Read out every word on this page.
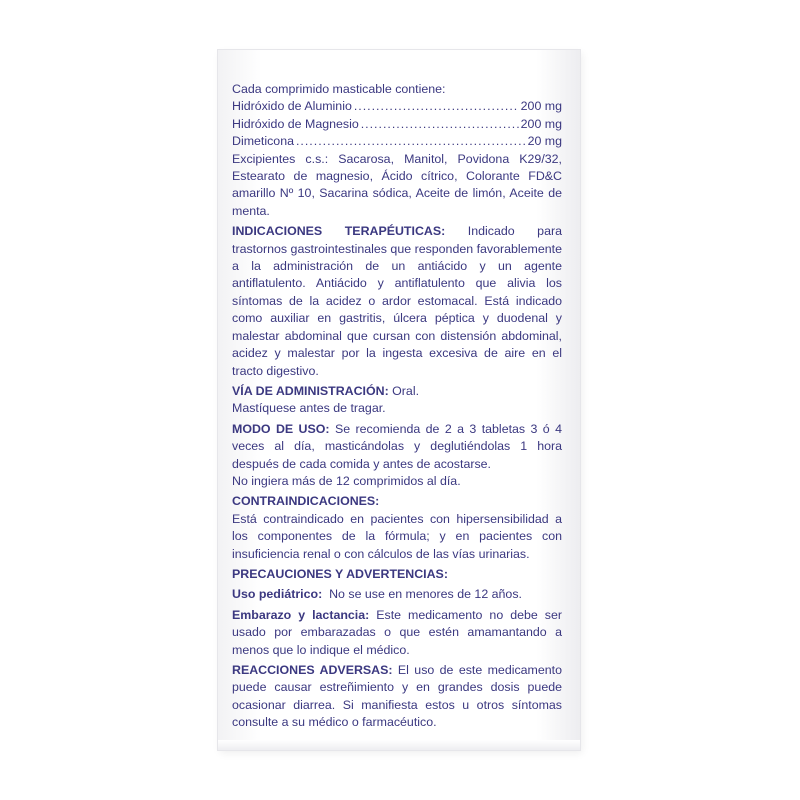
Cada comprimido masticable contiene:

Hidróxido de Aluminio .....	200 mg
Hidróxido de Magnesio .....	200 mg
Dimeticona .....	20 mg

Excipientes c.s.: Sacarosa, Manitol, Povidona K29/32, Estearato de magnesio, Ácido cítrico, Colorante FD&C amarillo Nº 10, Sacarina sódica, Aceite de limón, Aceite de menta.

INDICACIONES TERAPÉUTICAS: Indicado para trastornos gastrointestinales que responden favorablemente a la administración de un antiácido y un agente antiflatulento. Antiácido y antiflatulento que alivia los síntomas de la acidez o ardor estomacal. Está indicado como auxiliar en gastritis, úlcera péptica y duodenal y malestar abdominal que cursan con distensión abdominal, acidez y malestar por la ingesta excesiva de aire en el tracto digestivo.

VÍA DE ADMINISTRACIÓN: Oral.

Mastíquese antes de tragar.

MODO DE USO: Se recomienda de 2 a 3 tabletas 3 ó 4 veces al día, masticándolas y deglutiéndolas 1 hora después de cada comida y antes de acostarse.

No ingiera más de 12 comprimidos al día.

CONTRAINDICACIONES:

Está contraindicado en pacientes con hipersensibilidad a los componentes de la fórmula; y en pacientes con insuficiencia renal o con cálculos de las vías urinarias.

PRECAUCIONES Y ADVERTENCIAS:

Uso pediátrico: No se use en menores de 12 años.

Embarazo y lactancia: Este medicamento no debe ser usado por embarazadas o que estén amamantando a menos que lo indique el médico.

REACCIONES ADVERSAS: El uso de este medicamento puede causar estreñimiento y en grandes dosis puede ocasionar diarrea. Si manifiesta estos u otros síntomas consulte a su médico o farmacéutico.
